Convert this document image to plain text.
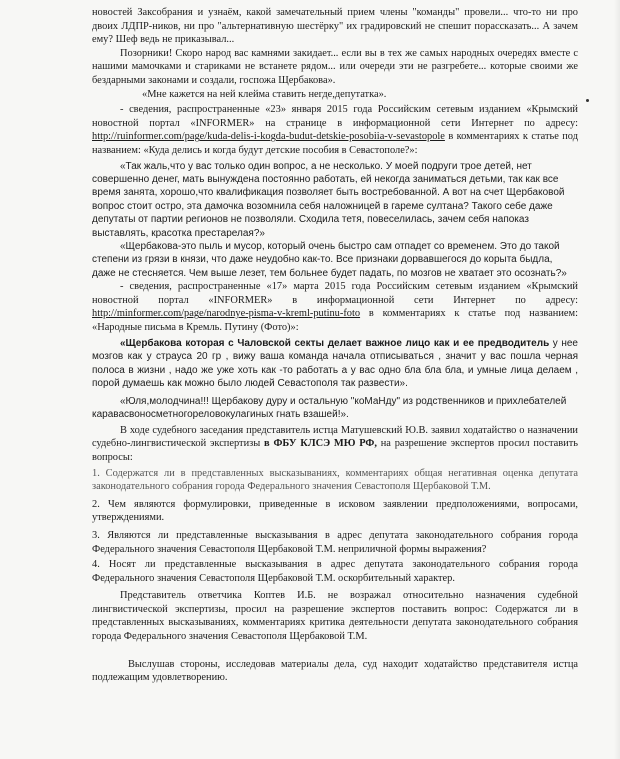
новостей Заксобрания и узнаём, какой замечательный прием члены "команды" провели... что-то ни про двоих ЛДПР-ников, ни про "альтернативную шестёрку" их градировский не спешит порассказать... А зачем ему? Шеф ведь не приказывал...

Позорники! Скоро народ вас камнями закидает... если вы в тех же самых народных очередях вместе с нашими мамочками и стариками не встанете рядом... или очереди эти не разгребете... которые своими же бездарными законами и создали, госпожа Щербакова».

«Мне кажется на ней клейма ставить негде,депутатка».

- сведения, распространенные «23» января 2015 года Российским сетевым изданием «Крымский новостной портал «INFORMER» на странице в информационной сети Интернет по адресу: http://ruinformer.com/page/kuda-delis-i-kogda-budut-detskie-posobiia-v-sevastopole в комментариях к статье под названием: «Куда делись и когда будут детские пособия в Севастополе?»:

«Так жаль,что у вас только один вопрос, а не несколько. У моей подруги трое детей, нет совершенно денег, мать вынуждена постоянно работать, ей некогда заниматься детьми, так как все время занята, хорошо,что квалификация позволяет быть востребованной. А вот на счет Щербаковой вопрос стоит остро, эта дамочка возомнила себя наложницей в гареме султана? Такого себе даже депутаты от партии регионов не позволяли. Сходила тетя, повеселилась, зачем себя напоказ выставлять, красотка престарелая?»

«Щербакова-это пыль и мусор, который очень быстро сам отпадет со временем. Это до такой степени из грязи в князи, что даже неудобно как-то. Все признаки дорвавшегося до корыта быдла, даже не стесняется. Чем выше лезет, тем больнее будет падать, по мозгов не хватает это осознать?»

- сведения, распространенные «17» марта 2015 года Российским сетевым изданием «Крымский новостной портал «INFORMER» в информационной сети Интернет по адресу: http://minformer.com/page/narodnye-pisma-v-kreml-putinu-foto в комментариях к статье под названием: «Народные письма в Кремль. Путину (Фото)»:

«Щербакова которая с Чаловской секты делает важное лицо как и ее предводитель у нее мозгов как у страуса 20 гр , вижу ваша команда начала отписываться , значит у вас пошла черная полоса в жизни , надо же уже хоть как -то работать а у вас одно бла бла бла, и умные лица делаем , порой думаешь как можно было людей Севастополя так развести».

«Юля,молодчина!!! Щербакову дуру и остальную "коМаНду" из родственников и прихлебателей каравасвоносметногореловокулагиных гнать взашей!».

В ходе судебного заседания представитель истца Матушевский Ю.В. заявил ходатайство о назначении судебно-лингвистической экспертизы в ФБУ КЛСЭ МЮ РФ, на разрешение экспертов просил поставить вопросы:

1. Содержатся ли в представленных высказываниях, комментариях общая негативная оценка депутата законодательного собрания города Федерального значения Севастополя Щербаковой Т.М.

2. Чем являются формулировки, приведенные в исковом заявлении предположениями, вопросами, утверждениями.

3. Являются ли представленные высказывания в адрес депутата законодательного собрания города Федерального значения Севастополя Щербаковой Т.М. неприличной формы выражения?

4. Носят ли представленные высказывания в адрес депутата законодательного собрания города Федерального значения Севастополя Щербаковой Т.М. оскорбительный характер.

Представитель ответчика Коптев И.Б. не возражал относительно назначения судебной лингвистической экспертизы, просил на разрешение экспертов поставить вопрос: Содержатся ли в представленных высказываниях, комментариях критика деятельности депутата законодательного собрания города Федерального значения Севастополя Щербаковой Т.М.

Выслушав стороны, исследовав материалы дела, суд находит ходатайство представителя истца подлежащим удовлетворению.
